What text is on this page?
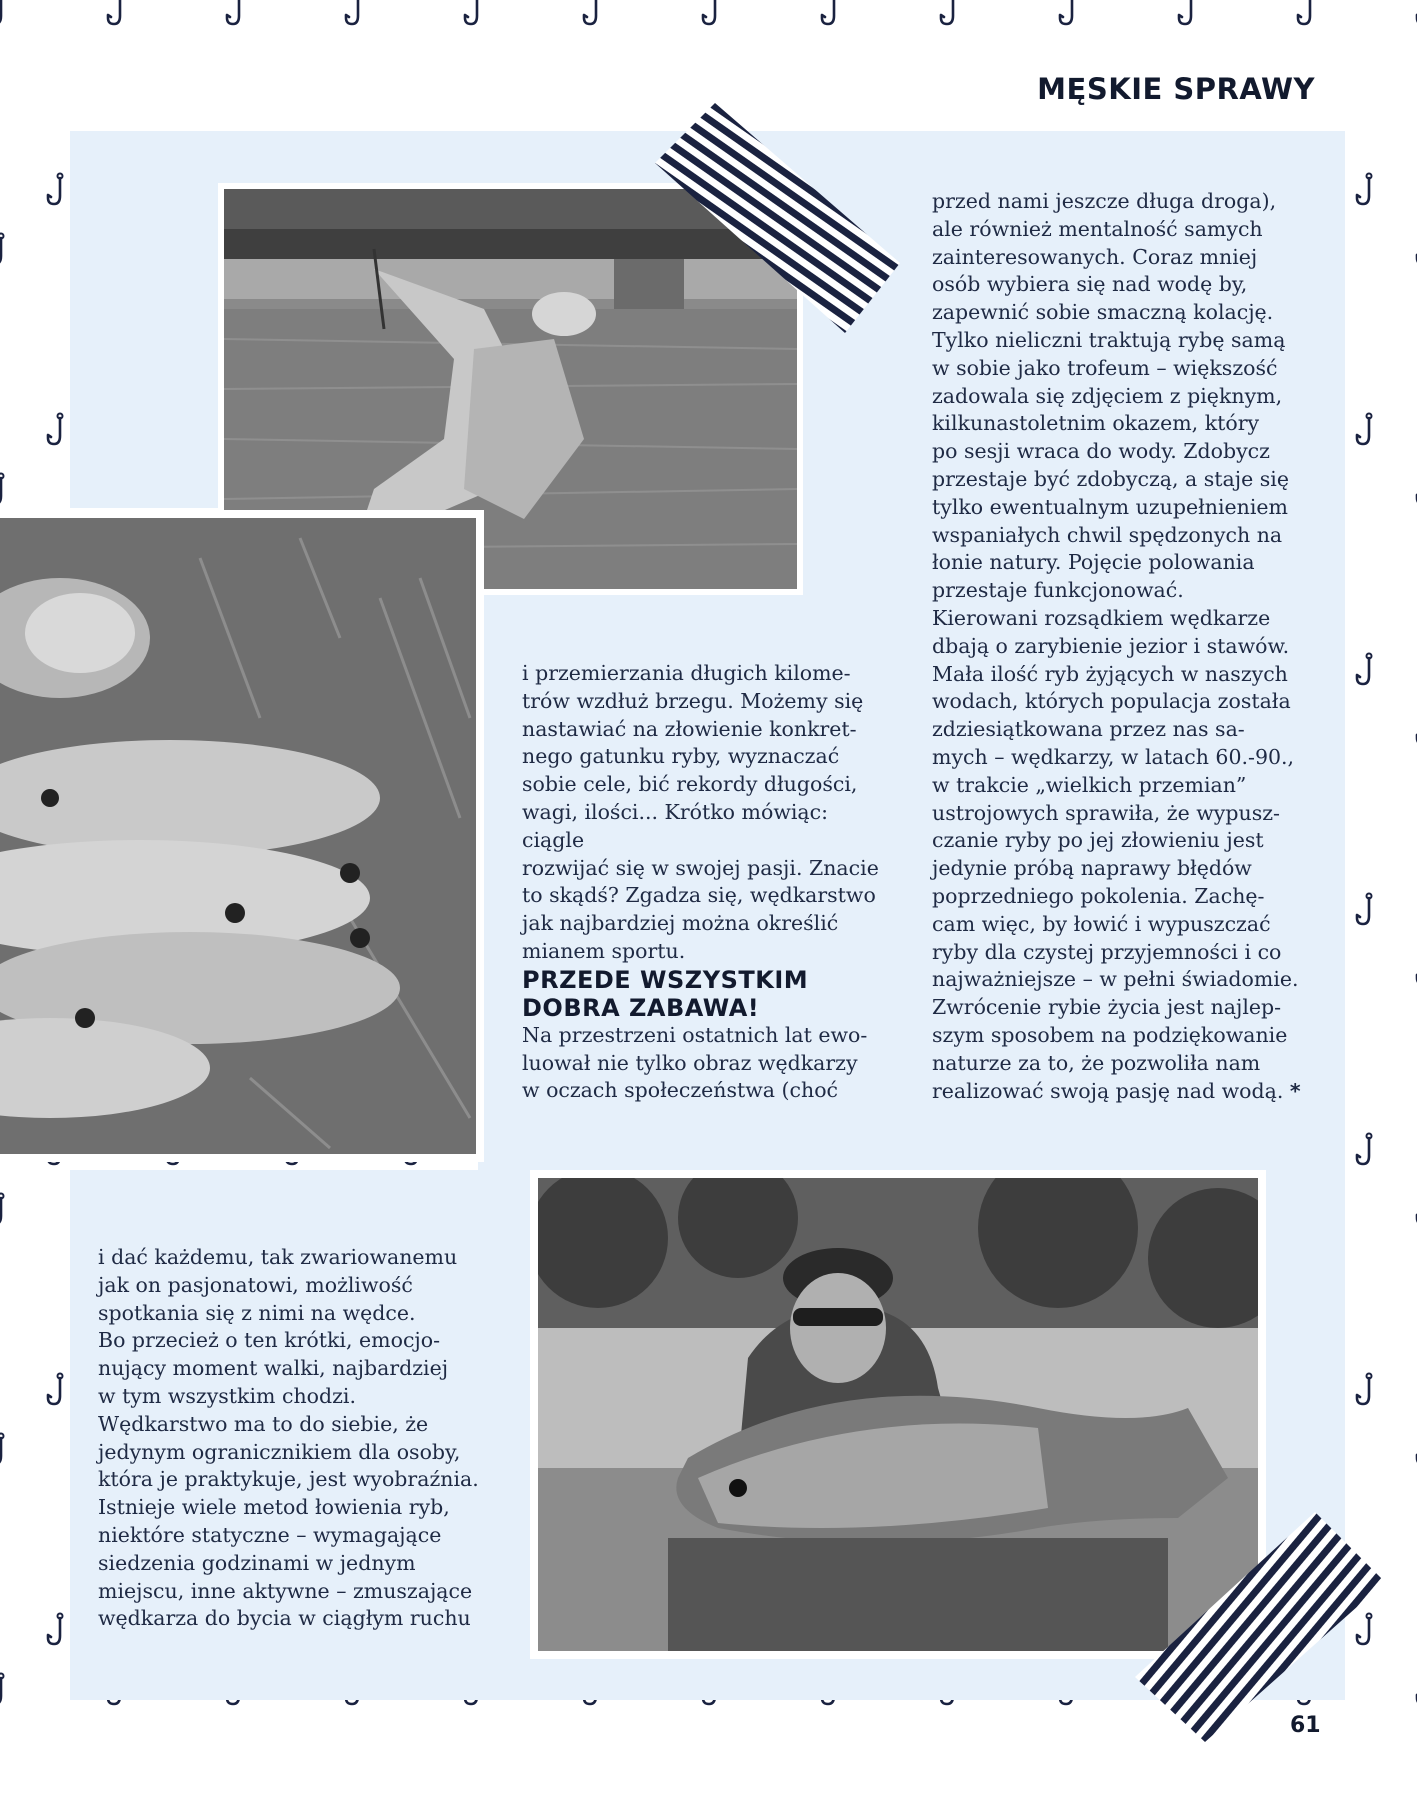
MĘSKIE SPRAWY

i przemierzania długich kilome-
trów wzdłuż brzegu. Możemy się
nastawiać na złowienie konkret-
nego gatunku ryby, wyznaczać
sobie cele, bić rekordy długości,
wagi, ilości... Krótko mówiąc: ciągle
rozwijać się w swojej pasji. Znacie
to skądś? Zgadza się, wędkarstwo
jak najbardziej można określić
mianem sportu.

PRZEDE WSZYSTKIM
DOBRA ZABAWA!

Na przestrzeni ostatnich lat ewo-
luował nie tylko obraz wędkarzy
w oczach społeczeństwa (choć

przed nami jeszcze długa droga),
ale również mentalność samych
zainteresowanych. Coraz mniej
osób wybiera się nad wodę by,
zapewnić sobie smaczną kolację.
Tylko nieliczni traktują rybę samą
w sobie jako trofeum – większość
zadowala się zdjęciem z pięknym,
kilkunastoletnim okazem, który
po sesji wraca do wody. Zdobycz
przestaje być zdobyczą, a staje się
tylko ewentualnym uzupełnieniem
wspaniałych chwil spędzonych na
łonie natury. Pojęcie polowania
przestaje funkcjonować.
Kierowani rozsądkiem wędkarze
dbają o zarybienie jezior i stawów.
Mała ilość ryb żyjących w naszych
wodach, których populacja została
zdziesiątkowana przez nas sa-
mych – wędkarzy, w latach 60.-90.,
w trakcie „wielkich przemian”
ustrojowych sprawiła, że wypusz-
czanie ryby po jej złowieniu jest
jedynie próbą naprawy błędów
poprzedniego pokolenia. Zachę-
cam więc, by łowić i wypuszczać
ryby dla czystej przyjemności i co
najważniejsze – w pełni świadomie.
Zwrócenie rybie życia jest najlep-
szym sposobem na podziękowanie
naturze za to, że pozwoliła nam
realizować swoją pasję nad wodą. *

i dać każdemu, tak zwariowanemu
jak on pasjonatowi, możliwość
spotkania się z nimi na wędce.
Bo przecież o ten krótki, emocjo-
nujący moment walki, najbardziej
w tym wszystkim chodzi.
Wędkarstwo ma to do siebie, że
jedynym ogranicznikiem dla osoby,
która je praktykuje, jest wyobraźnia.
Istnieje wiele metod łowienia ryb,
niektóre statyczne – wymagające
siedzenia godzinami w jednym
miejscu, inne aktywne – zmuszające
wędkarza do bycia w ciągłym ruchu

61
